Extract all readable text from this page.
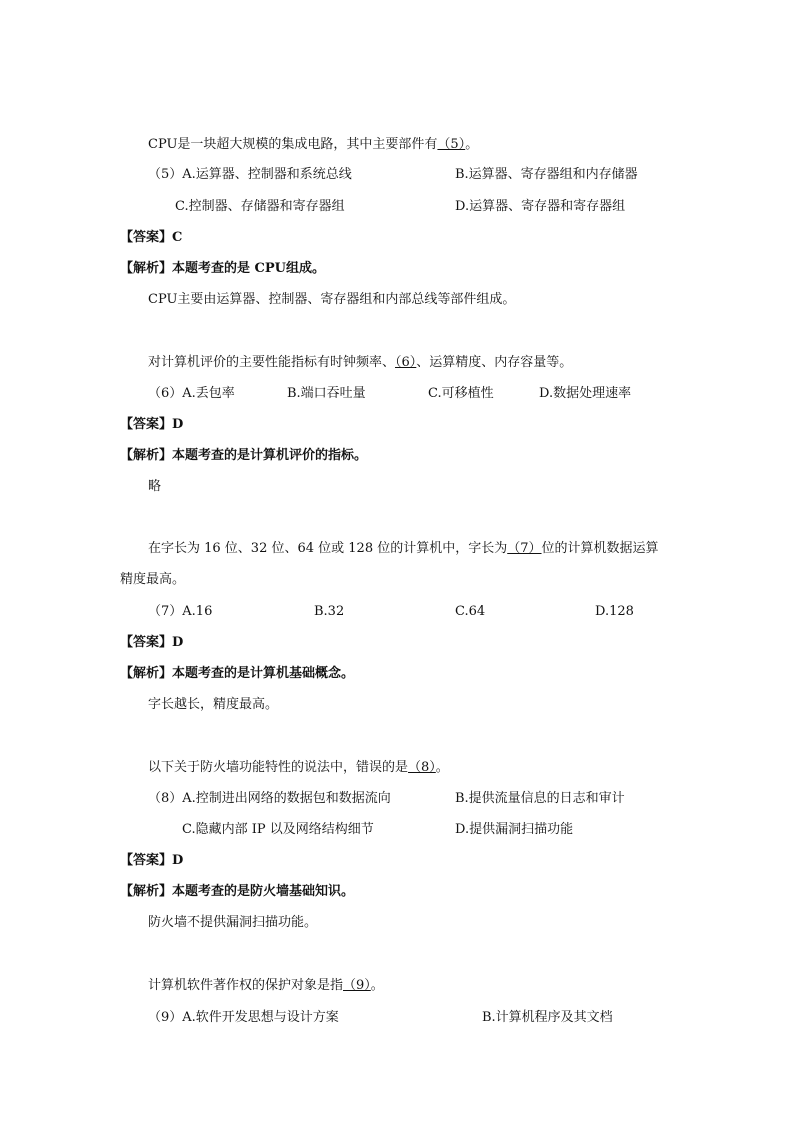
CPU是一块超大规模的集成电路，其中主要部件有（5）。
（5）A.运算器、控制器和系统总线	B.运算器、寄存器组和内存储器
C.控制器、存储器和寄存器组	D.运算器、寄存器和寄存器组
【答案】C
【解析】本题考查的是 CPU组成。
CPU主要由运算器、控制器、寄存器组和内部总线等部件组成。
对计算机评价的主要性能指标有时钟频率、（6）、运算精度、内存容量等。
（6）A.丢包率	B.端口吞吐量	C.可移植性	D.数据处理速率
【答案】D
【解析】本题考查的是计算机评价的指标。
略
在字长为 16 位、32 位、64 位或 128 位的计算机中，字长为（7）位的计算机数据运算
精度最高。
（7）A.16	B.32	C.64	D.128
【答案】D
【解析】本题考查的是计算机基础概念。
字长越长，精度最高。
以下关于防火墙功能特性的说法中，错误的是（8）。
（8）A.控制进出网络的数据包和数据流向	B.提供流量信息的日志和审计
C.隐藏内部 IP 以及网络结构细节	D.提供漏洞扫描功能
【答案】D
【解析】本题考查的是防火墙基础知识。
防火墙不提供漏洞扫描功能。
计算机软件著作权的保护对象是指（9）。
（9）A.软件开发思想与设计方案	B.计算机程序及其文档
